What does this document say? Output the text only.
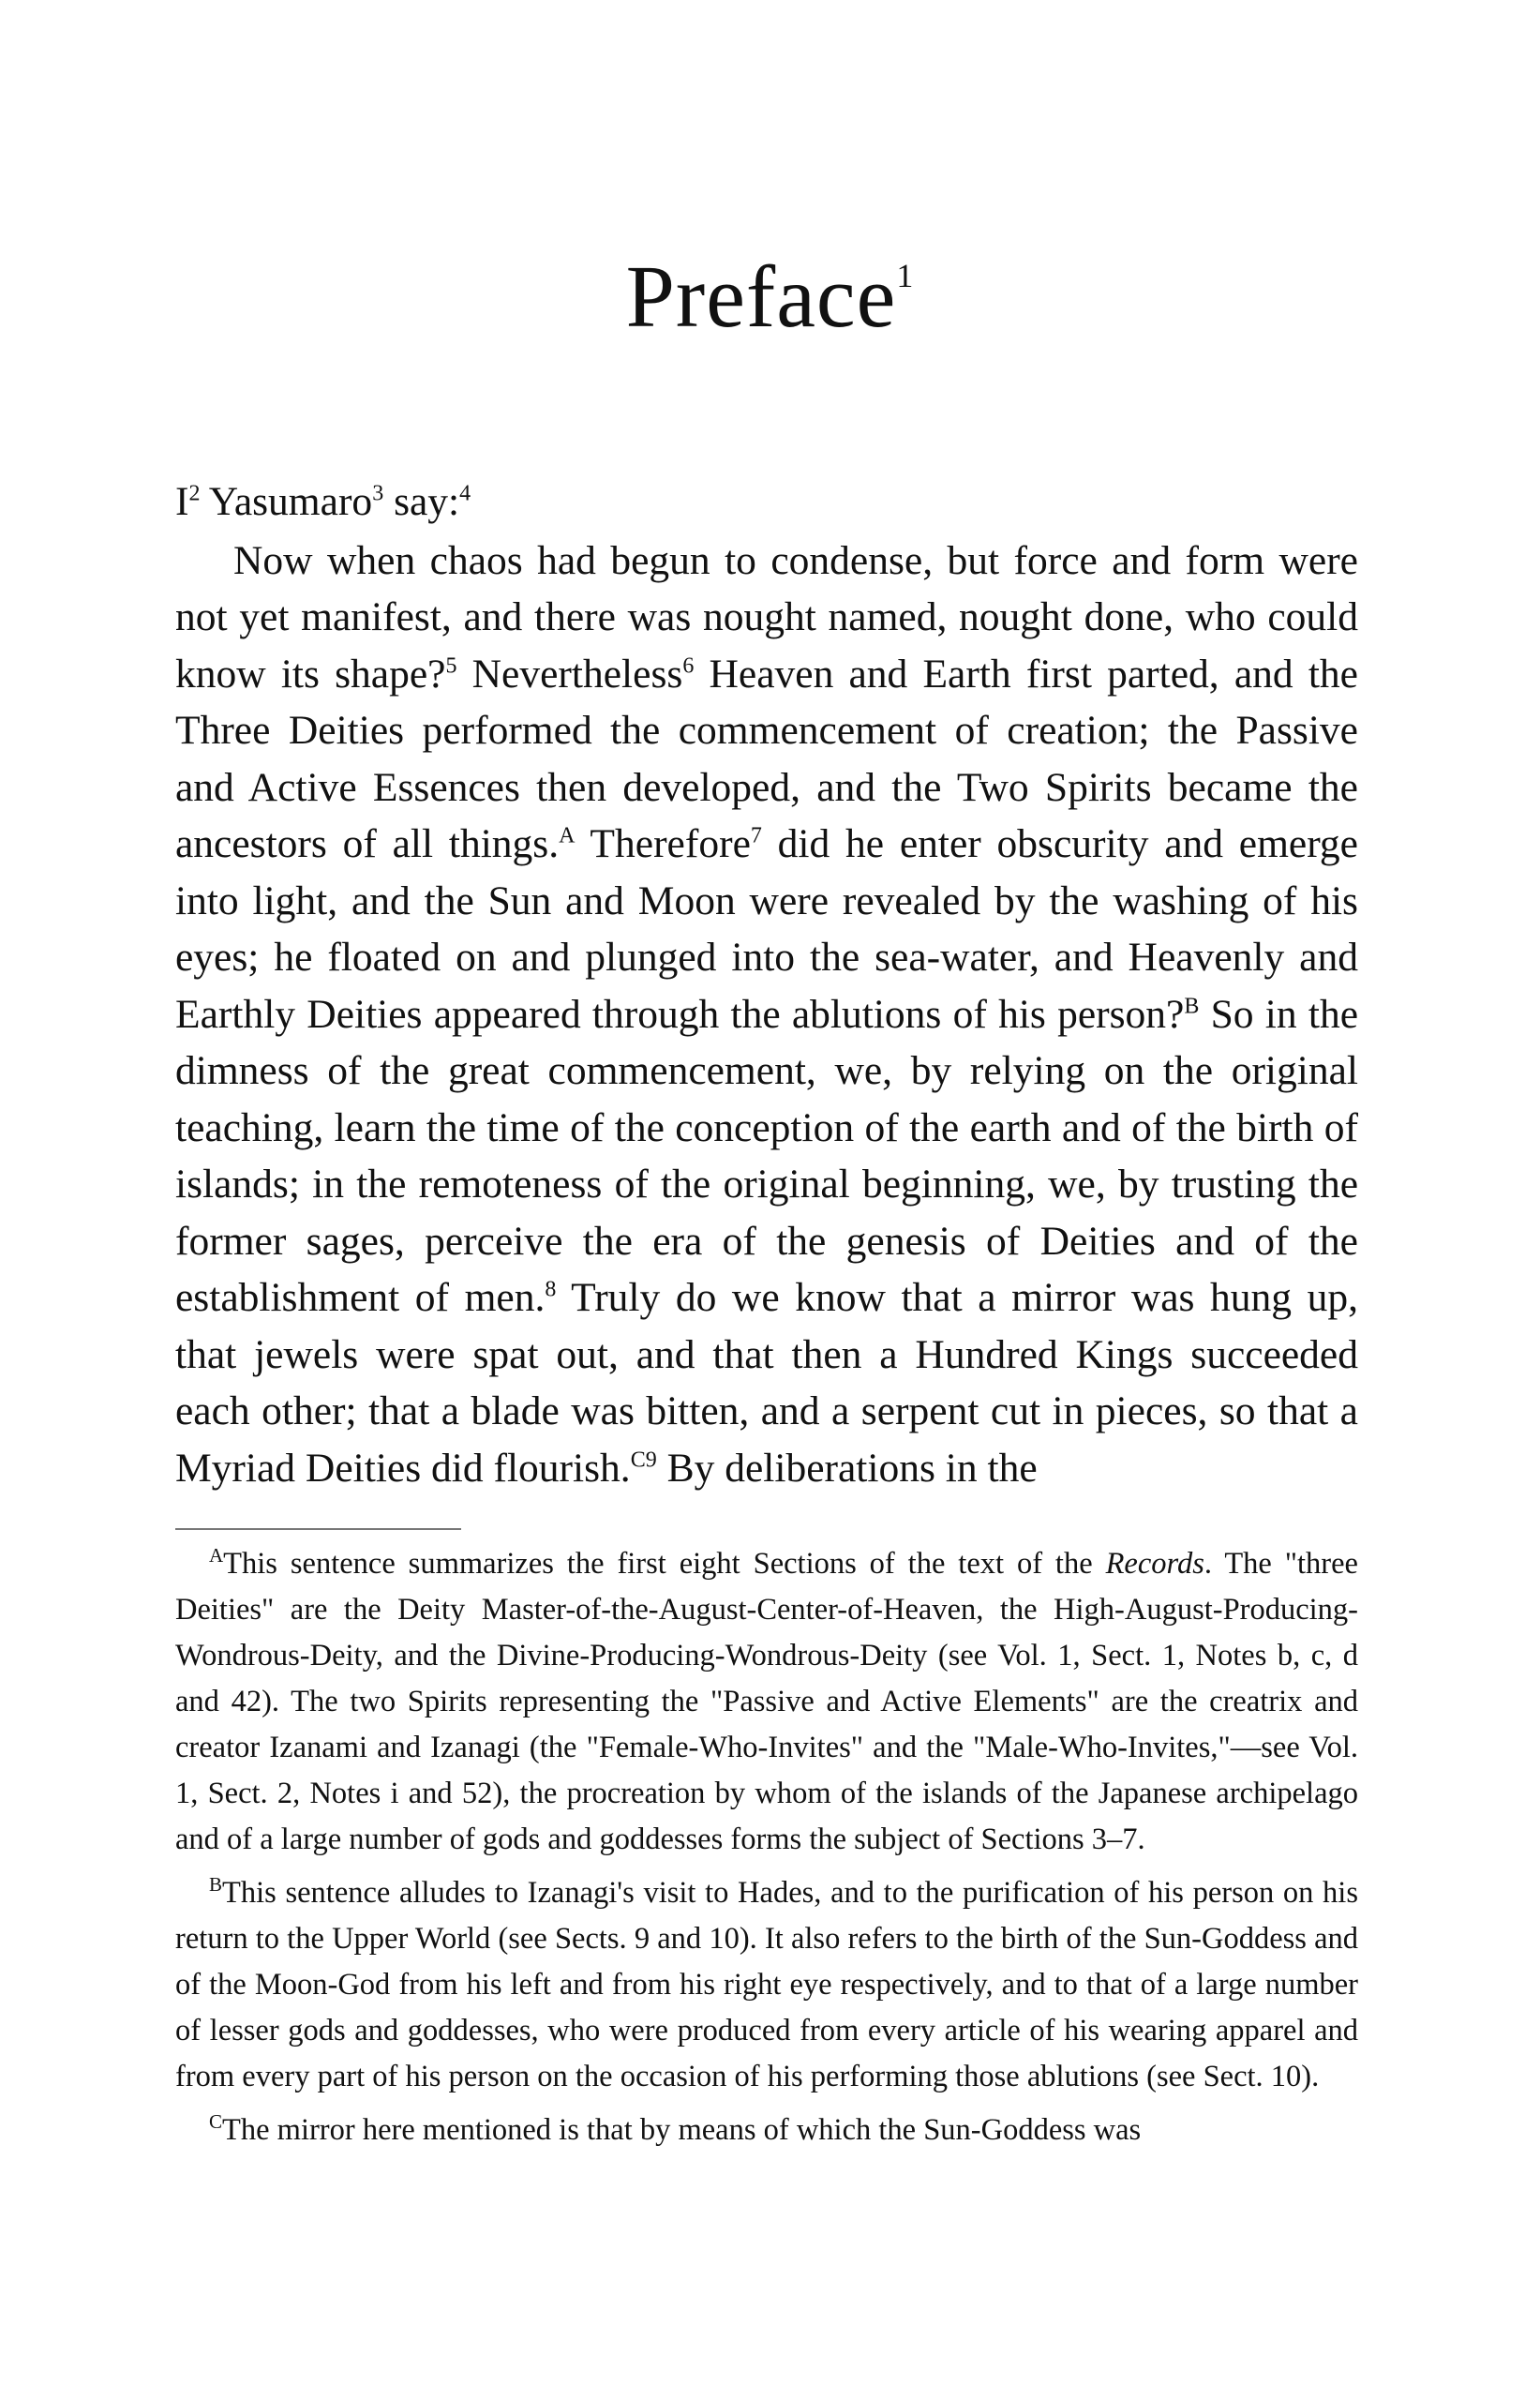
Preface$^1$

$I^2$ Yasumaro$^3$ say:$^4$

Now when chaos had begun to condense, but force and form were not yet manifest, and there was nought named, nought done, who could know its shape?$^5$ Nevertheless$^6$ Heaven and Earth first parted, and the Three Deities performed the commencement of creation; the Passive and Active Essences then developed, and the Two Spirits became the ancestors of all things.$^A$ Therefore$^7$ did he enter obscurity and emerge into light, and the Sun and Moon were revealed by the washing of his eyes; he floated on and plunged into the sea-water, and Heavenly and Earthly Deities appeared through the ablutions of his person?$^B$ So in the dimness of the great commencement, we, by relying on the original teaching, learn the time of the conception of the earth and of the birth of islands; in the remoteness of the original beginning, we, by trusting the former sages, perceive the era of the genesis of Deities and of the establishment of men.$^8$ Truly do we know that a mirror was hung up, that jewels were spat out, and that then a Hundred Kings succeeded each other; that a blade was bitten, and a serpent cut in pieces, so that a Myriad Deities did flourish.$^{C9}$ By deliberations in the

$^A$This sentence summarizes the first eight Sections of the text of the Records. The "three Deities" are the Deity Master-of-the-August-Center-of-Heaven, the High-August-Producing-Wondrous-Deity, and the Divine-Producing-Wondrous-Deity (see Vol. 1, Sect. 1, Notes b, c, d and 42). The two Spirits representing the "Passive and Active Elements" are the creatrix and creator Izanami and Izanagi (the "Female-Who-Invites" and the "Male-Who-Invites,"—see Vol. 1, Sect. 2, Notes i and 52), the procreation by whom of the islands of the Japanese archipelago and of a large number of gods and goddesses forms the subject of Sections 3–7.

$^B$This sentence alludes to Izanagi's visit to Hades, and to the purification of his person on his return to the Upper World (see Sects. 9 and 10). It also refers to the birth of the Sun-Goddess and of the Moon-God from his left and from his right eye respectively, and to that of a large number of lesser gods and goddesses, who were produced from every article of his wearing apparel and from every part of his person on the occasion of his performing those ablutions (see Sect. 10).

$^C$The mirror here mentioned is that by means of which the Sun-Goddess was
